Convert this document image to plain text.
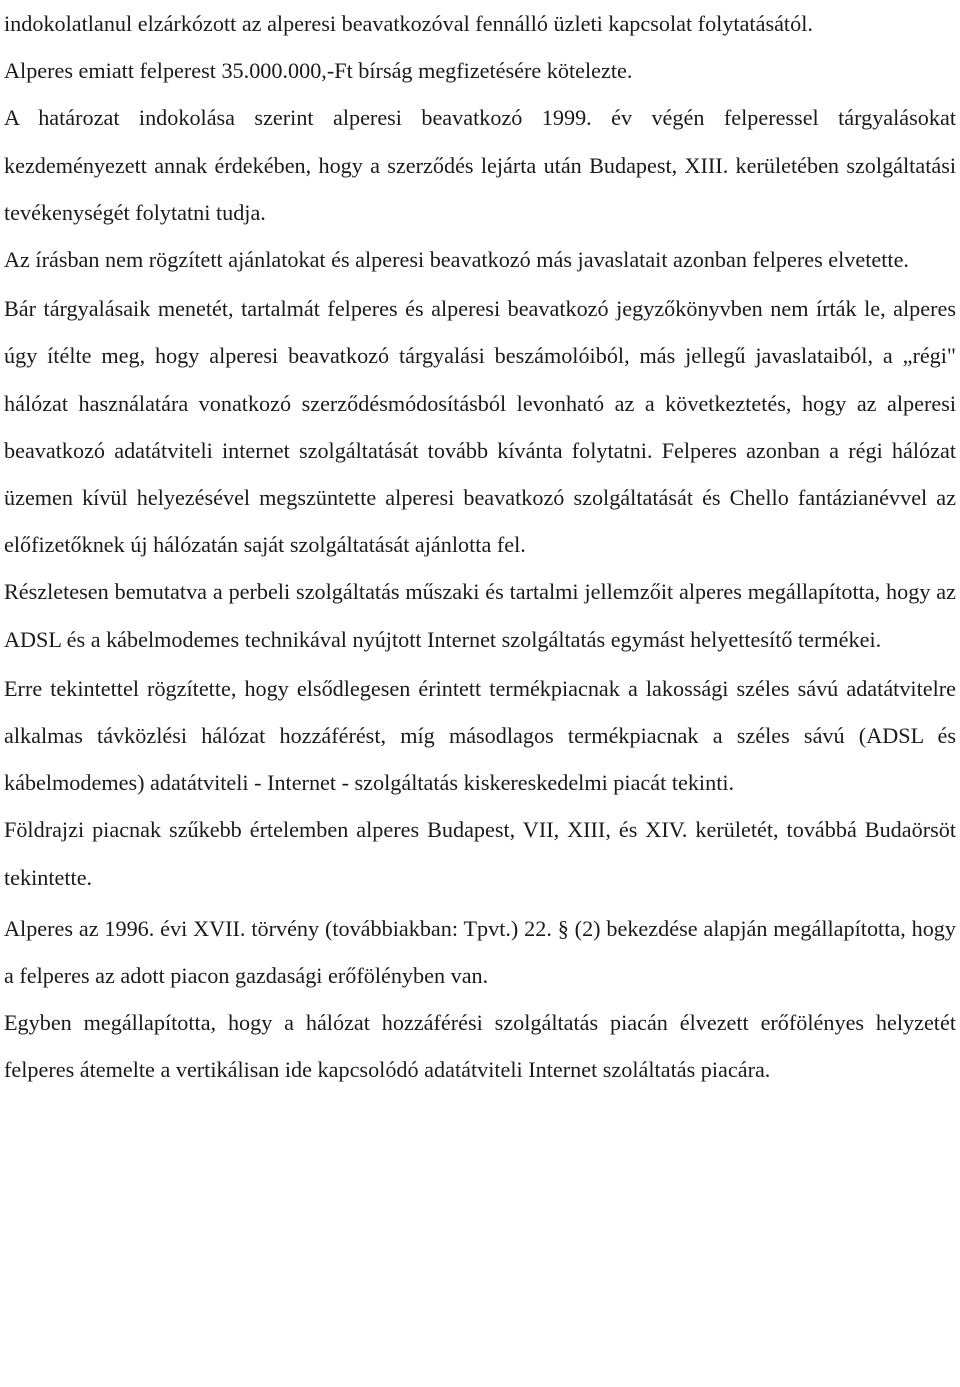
indokolatlanul elzárkózott az alperesi beavatkozóval fennálló üzleti kapcsolat folytatásától.

Alperes emiatt felperest 35.000.000,-Ft bírság megfizetésére kötelezte.

A határozat indokolása szerint alperesi beavatkozó 1999. év végén felperessel tárgyalásokat kezdeményezett annak érdekében, hogy a szerződés lejárta után Budapest, XIII. kerületében szolgáltatási tevékenységét folytatni tudja.

Az írásban nem rögzített ajánlatokat és alperesi beavatkozó más javaslatait azonban felperes elvetette.

Bár tárgyalásaik menetét, tartalmát felperes és alperesi beavatkozó jegyzőkönyvben nem írták le, alperes úgy ítélte meg, hogy alperesi beavatkozó tárgyalási beszámolóiból, más jellegű javaslataiból, a „régi" hálózat használatára vonatkozó szerződésmódosításból levonható az a következtetés, hogy az alperesi beavatkozó adatátviteli internet szolgáltatását tovább kívánta folytatni. Felperes azonban a régi hálózat üzemen kívül helyezésével megszüntette alperesi beavatkozó szolgáltatását és Chello fantázianévvel az előfizetőknek új hálózatán saját szolgáltatását ajánlotta fel.

Részletesen bemutatva a perbeli szolgáltatás műszaki és tartalmi jellemzőit alperes megállapította, hogy az ADSL és a kábelmodemes technikával nyújtott Internet szolgáltatás egymást helyettesítő termékei.

Erre tekintettel rögzítette, hogy elsődlegesen érintett termékpiacnak a lakossági széles sávú adatátvitelre alkalmas távközlési hálózat hozzáférést, míg másodlagos termékpiacnak a széles sávú (ADSL és kábelmodemes) adatátviteli - Internet - szolgáltatás kiskereskedelmi piacát tekinti.

Földrajzi piacnak szűkebb értelemben alperes Budapest, VII, XIII, és XIV. kerületét, továbbá Budaörsöt tekintette.

Alperes az 1996. évi XVII. törvény (továbbiakban: Tpvt.) 22. § (2) bekezdése alapján megállapította, hogy a felperes az adott piacon gazdasági erőfölényben van.

Egyben megállapította, hogy a hálózat hozzáférési szolgáltatás piacán élvezett erőfölényes helyzetét felperes átemelte a vertikálisan ide kapcsolódó adatátviteli Internet szoláltatás piacára.
